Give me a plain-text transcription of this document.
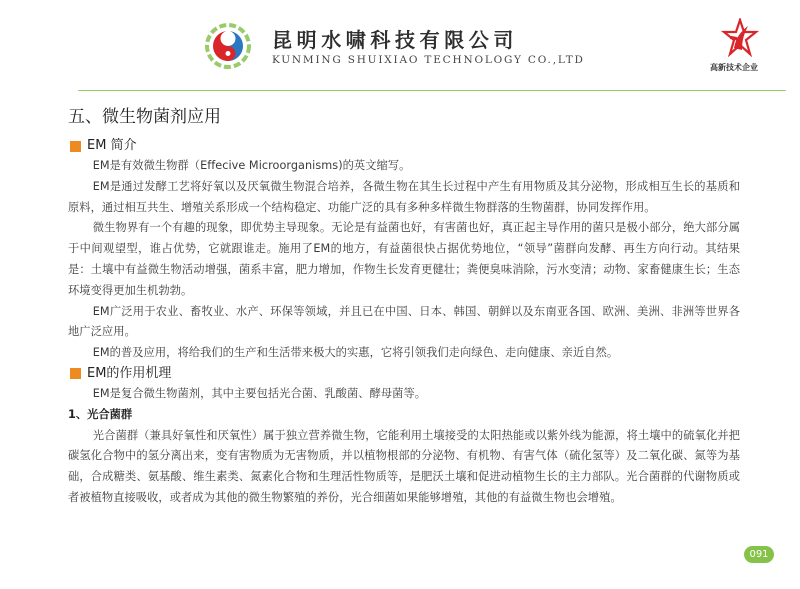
昆明水啸科技有限公司
KUNMING SHUIXIAO TECHNOLOGY CO.,LTD
高新技术企业
五、微生物菌剂应用
EM 简介

EM是有效微生物群（Effecive Microorganisms)的英文缩写。

EM是通过发酵工艺将好氧以及厌氧微生物混合培养，各微生物在其生长过程中产生有用物质及其分泌物，形成相互生长的基质和原料，通过相互共生、增殖关系形成一个结构稳定、功能广泛的具有多种多样微生物群落的生物菌群，协同发挥作用。

微生物界有一个有趣的现象，即优势主导现象。无论是有益菌也好，有害菌也好，真正起主导作用的菌只是极小部分，绝大部分属于中间观望型，谁占优势，它就跟谁走。施用了EM的地方，有益菌很快占据优势地位，“领导”菌群向发酵、再生方向行动。其结果是：土壤中有益微生物活动增强，菌系丰富，肥力增加，作物生长发育更健壮；粪便臭味消除，污水变清；动物、家畜健康生长；生态环境变得更加生机勃勃。

EM广泛用于农业、畜牧业、水产、环保等领域，并且已在中国、日本、韩国、朝鲜以及东南亚各国、欧洲、美洲、非洲等世界各地广泛应用。

EM的普及应用，将给我们的生产和生活带来极大的实惠，它将引领我们走向绿色、走向健康、亲近自然。

EM的作用机理

EM是复合微生物菌剂，其中主要包括光合菌、乳酸菌、酵母菌等。

1、光合菌群

光合菌群（兼具好氧性和厌氧性）属于独立营养微生物，它能利用土壤接受的太阳热能或以紫外线为能源，将土壤中的硫氧化并把碳氢化合物中的氢分离出来，变有害物质为无害物质，并以植物根部的分泌物、有机物、有害气体（硫化氢等）及二氧化碳、氮等为基础，合成糖类、氨基酸、维生素类、氮素化合物和生理活性物质等，是肥沃土壤和促进动植物生长的主力部队。光合菌群的代谢物质或者被植物直接吸收，或者成为其他的微生物繁殖的养份，光合细菌如果能够增殖，其他的有益微生物也会增殖。

091
